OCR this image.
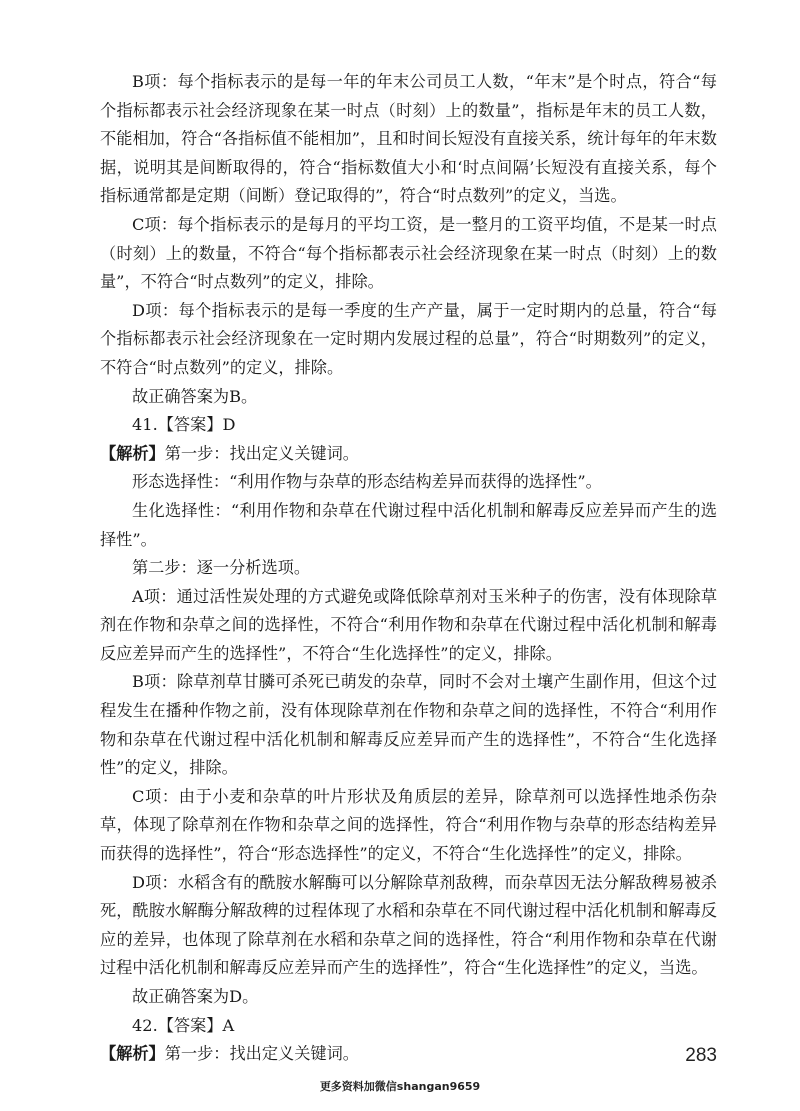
B项：每个指标表示的是每一年的年末公司员工人数，“年末”是个时点，符合“每个指标都表示社会经济现象在某一时点（时刻）上的数量”，指标是年末的员工人数，不能相加，符合“各指标值不能相加”，且和时间长短没有直接关系，统计每年的年末数据，说明其是间断取得的，符合“指标数值大小和‘时点间隔’长短没有直接关系，每个指标通常都是定期（间断）登记取得的”，符合“时点数列”的定义，当选。

C项：每个指标表示的是每月的平均工资，是一整月的工资平均值，不是某一时点（时刻）上的数量，不符合“每个指标都表示社会经济现象在某一时点（时刻）上的数量”，不符合“时点数列”的定义，排除。

D项：每个指标表示的是每一季度的生产产量，属于一定时期内的总量，符合“每个指标都表示社会经济现象在一定时期内发展过程的总量”，符合“时期数列”的定义，不符合“时点数列”的定义，排除。

故正确答案为B。

41.【答案】D

【解析】第一步：找出定义关键词。

形态选择性：“利用作物与杂草的形态结构差异而获得的选择性”。

生化选择性：“利用作物和杂草在代谢过程中活化机制和解毒反应差异而产生的选择性”。

第二步：逐一分析选项。

A项：通过活性炭处理的方式避免或降低除草剂对玉米种子的伤害，没有体现除草剂在作物和杂草之间的选择性，不符合“利用作物和杂草在代谢过程中活化机制和解毒反应差异而产生的选择性”，不符合“生化选择性”的定义，排除。

B项：除草剂草甘膦可杀死已萌发的杂草，同时不会对土壤产生副作用，但这个过程发生在播种作物之前，没有体现除草剂在作物和杂草之间的选择性，不符合“利用作物和杂草在代谢过程中活化机制和解毒反应差异而产生的选择性”，不符合“生化选择性”的定义，排除。

C项：由于小麦和杂草的叶片形状及角质层的差异，除草剂可以选择性地杀伤杂草，体现了除草剂在作物和杂草之间的选择性，符合“利用作物与杂草的形态结构差异而获得的选择性”，符合“形态选择性”的定义，不符合“生化选择性”的定义，排除。

D项：水稻含有的酰胺水解酶可以分解除草剂敌稗，而杂草因无法分解敌稗易被杀死，酰胺水解酶分解敌稗的过程体现了水稻和杂草在不同代谢过程中活化机制和解毒反应的差异，也体现了除草剂在水稻和杂草之间的选择性，符合“利用作物和杂草在代谢过程中活化机制和解毒反应差异而产生的选择性”，符合“生化选择性”的定义，当选。

故正确答案为D。

42.【答案】A

【解析】第一步：找出定义关键词。	283
更多资料加微信shangan9659
